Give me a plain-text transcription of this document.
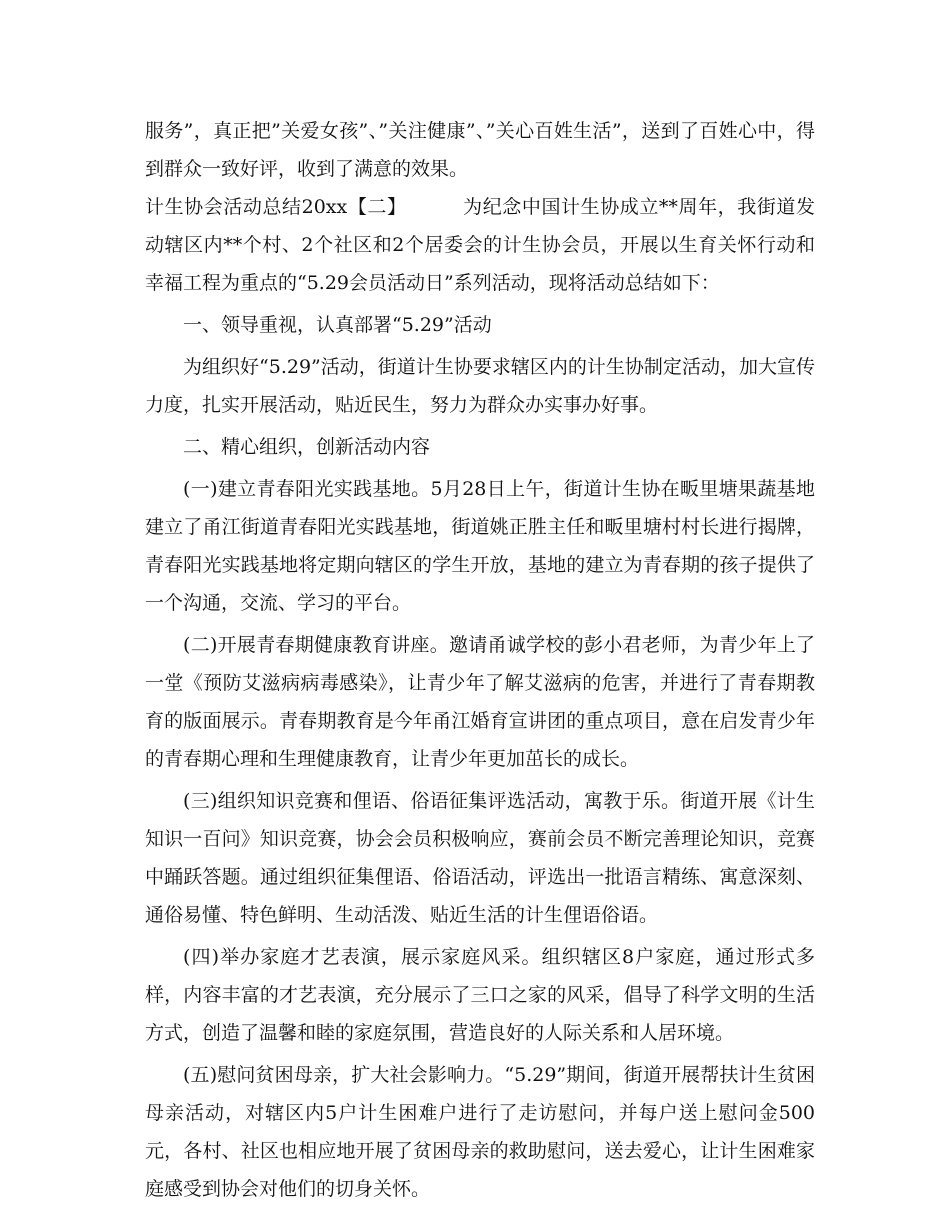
服务”，真正把”关爱女孩”、”关注健康”、”关心百姓生活”，送到了百姓心中，得到群众一致好评，收到了满意的效果。

计生协会活动总结20xx【二】	为纪念中国计生协成立**周年，我街道发动辖区内**个村、2个社区和2个居委会的计生协会员，开展以生育关怀行动和幸福工程为重点的“5.29会员活动日”系列活动，现将活动总结如下：

一、领导重视，认真部署“5.29”活动

为组织好“5.29”活动，街道计生协要求辖区内的计生协制定活动，加大宣传力度，扎实开展活动，贴近民生，努力为群众办实事办好事。

二、精心组织，创新活动内容

(一)建立青春阳光实践基地。5月28日上午，街道计生协在畈里塘果蔬基地建立了甬江街道青春阳光实践基地，街道姚正胜主任和畈里塘村村长进行揭牌，青春阳光实践基地将定期向辖区的学生开放，基地的建立为青春期的孩子提供了一个沟通，交流、学习的平台。

(二)开展青春期健康教育讲座。邀请甬诚学校的彭小君老师，为青少年上了一堂《预防艾滋病病毒感染》，让青少年了解艾滋病的危害，并进行了青春期教育的版面展示。青春期教育是今年甬江婚育宣讲团的重点项目，意在启发青少年的青春期心理和生理健康教育，让青少年更加茁长的成长。

(三)组织知识竞赛和俚语、俗语征集评选活动，寓教于乐。街道开展《计生知识一百问》知识竞赛，协会会员积极响应，赛前会员不断完善理论知识，竞赛中踊跃答题。通过组织征集俚语、俗语活动，评选出一批语言精练、寓意深刻、通俗易懂、特色鲜明、生动活泼、贴近生活的计生俚语俗语。

(四)举办家庭才艺表演，展示家庭风采。组织辖区8户家庭，通过形式多样，内容丰富的才艺表演，充分展示了三口之家的风采，倡导了科学文明的生活方式，创造了温馨和睦的家庭氛围，营造良好的人际关系和人居环境。

(五)慰问贫困母亲，扩大社会影响力。“5.29”期间，街道开展帮扶计生贫困母亲活动，对辖区内5户计生困难户进行了走访慰问，并每户送上慰问金500元，各村、社区也相应地开展了贫困母亲的救助慰问，送去爱心，让计生困难家庭感受到协会对他们的切身关怀。
